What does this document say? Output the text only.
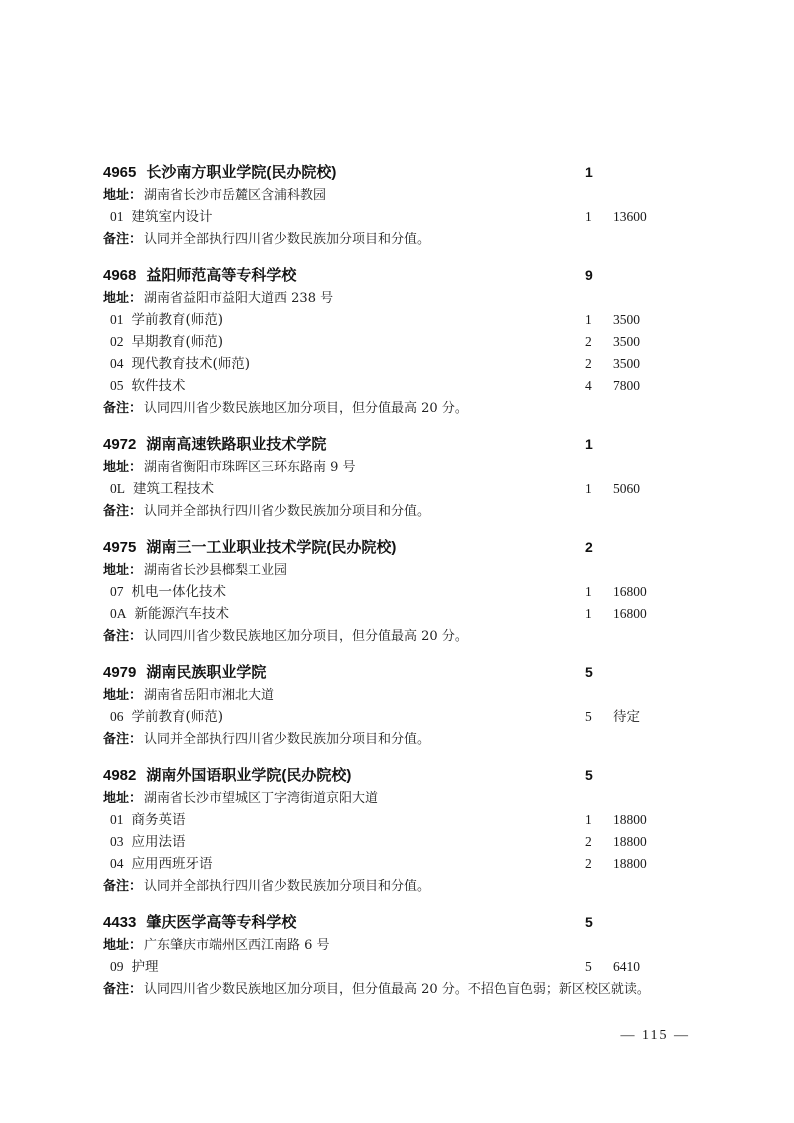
4965 长沙南方职业学院(民办院校)	1
地址： 湖南省长沙市岳麓区含浦科教园
01 建筑室内设计	1	13600
备注： 认同并全部执行四川省少数民族加分项目和分值。
4968 益阳师范高等专科学校	9
地址： 湖南省益阳市益阳大道西 238 号
01 学前教育(师范)	1	3500
02 早期教育(师范)	2	3500
04 现代教育技术(师范)	2	3500
05 软件技术	4	7800
备注： 认同四川省少数民族地区加分项目，但分值最高 20 分。
4972 湖南高速铁路职业技术学院	1
地址： 湖南省衡阳市珠晖区三环东路南 9 号
0L 建筑工程技术	1	5060
备注： 认同并全部执行四川省少数民族加分项目和分值。
4975 湖南三一工业职业技术学院(民办院校)	2
地址： 湖南省长沙县榔梨工业园
07 机电一体化技术	1	16800
0A 新能源汽车技术	1	16800
备注： 认同四川省少数民族地区加分项目，但分值最高 20 分。
4979 湖南民族职业学院	5
地址： 湖南省岳阳市湘北大道
06 学前教育(师范)	5	待定
备注： 认同并全部执行四川省少数民族加分项目和分值。
4982 湖南外国语职业学院(民办院校)	5
地址： 湖南省长沙市望城区丁字湾街道京阳大道
01 商务英语	1	18800
03 应用法语	2	18800
04 应用西班牙语	2	18800
备注： 认同并全部执行四川省少数民族加分项目和分值。
4433 肇庆医学高等专科学校	5
地址： 广东肇庆市端州区西江南路 6 号
09 护理	5	6410
备注： 认同四川省少数民族地区加分项目，但分值最高 20 分。不招色盲色弱；新区校区就读。
— 115 —
